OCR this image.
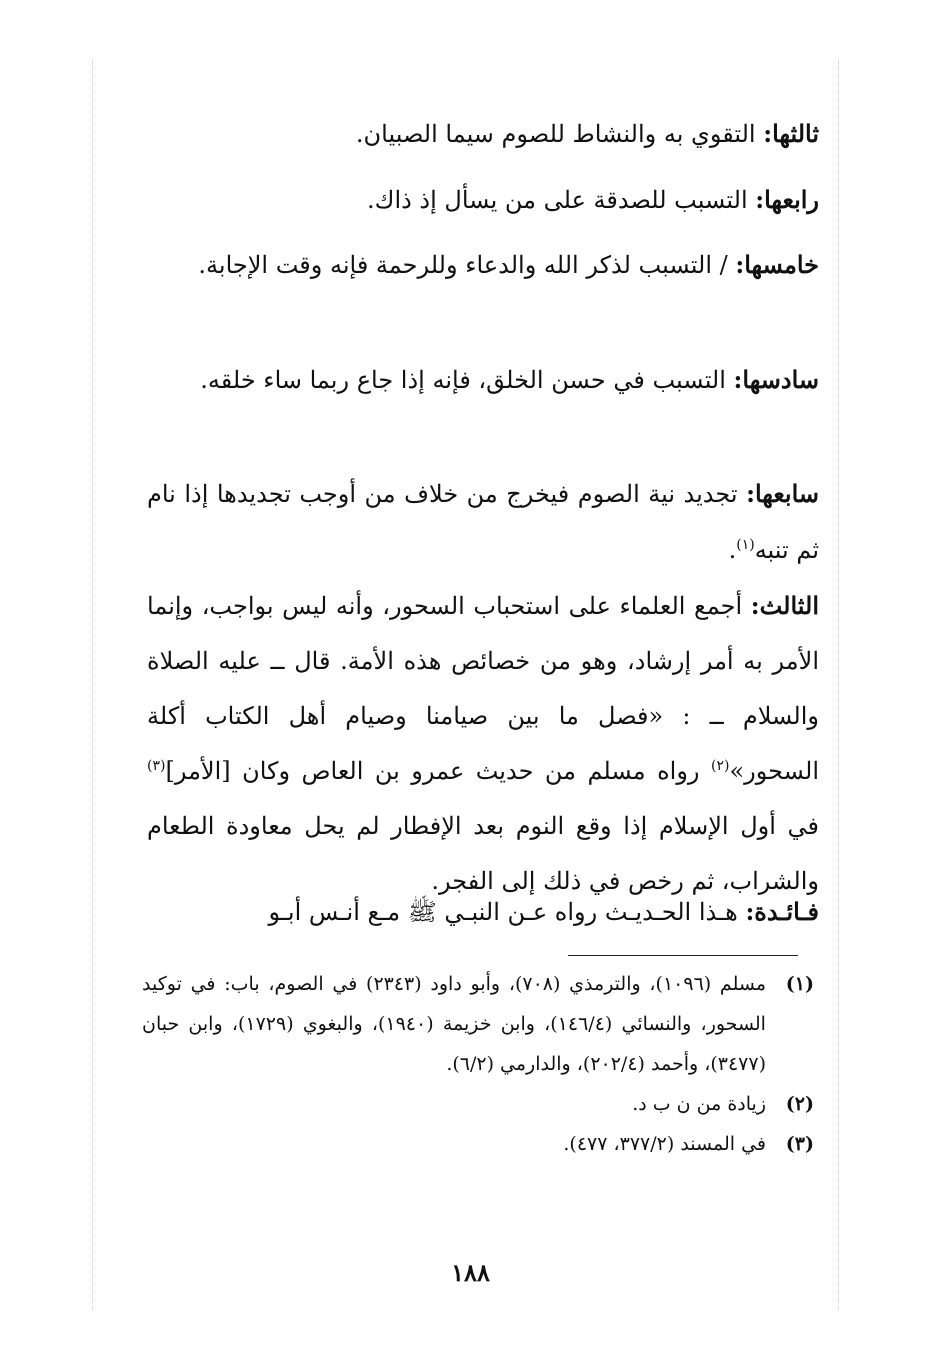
ثالثها: التقوي به والنشاط للصوم سيما الصبيان.
رابعها: التسبب للصدقة على من يسأل إذ ذاك.
خامسها: / التسبب لذكر الله والدعاء وللرحمة فإنه وقت الإجابة.
سادسها: التسبب في حسن الخلق، فإنه إذا جاع ربما ساء خلقه.
سابعها: تجديد نية الصوم فيخرج من خلاف من أوجب تجديدها إذا نام ثم تنبه$^{(١)}$.
الثالث: أجمع العلماء على استحباب السحور، وأنه ليس بواجب، وإنما الأمر به أمر إرشاد، وهو من خصائص هذه الأمة. قال ــ عليه الصلاة والسلام ــ : «فصل ما بين صيامنا وصيام أهل الكتاب أكلة السحور»$^{(٢)}$ رواه مسلم من حديث عمرو بن العاص وكان [الأمر]$^{(٣)}$ في أول الإسلام إذا وقع النوم بعد الإفطار لم يحل معاودة الطعام والشراب، ثم رخص في ذلك إلى الفجر.
فـائـدة: هـذا الحـديـث رواه عـن النبـي ﷺ مـع أنـس أبـو
(١)
مسلم (١٠٩٦)، والترمذي (٧٠٨)، وأبو داود (٢٣٤٣) في الصوم، باب: في توكيد السحور، والنسائي (١٤٦/٤)، وابن خزيمة (١٩٤٠)، والبغوي (١٧٢٩)، وابن حبان (٣٤٧٧)، وأحمد (٢٠٢/٤)، والدارمي (٦/٢).
(٢)
زيادة من ن ب د.
(٣)
في المسند (٣٧٧/٢، ٤٧٧).
١٨٨
